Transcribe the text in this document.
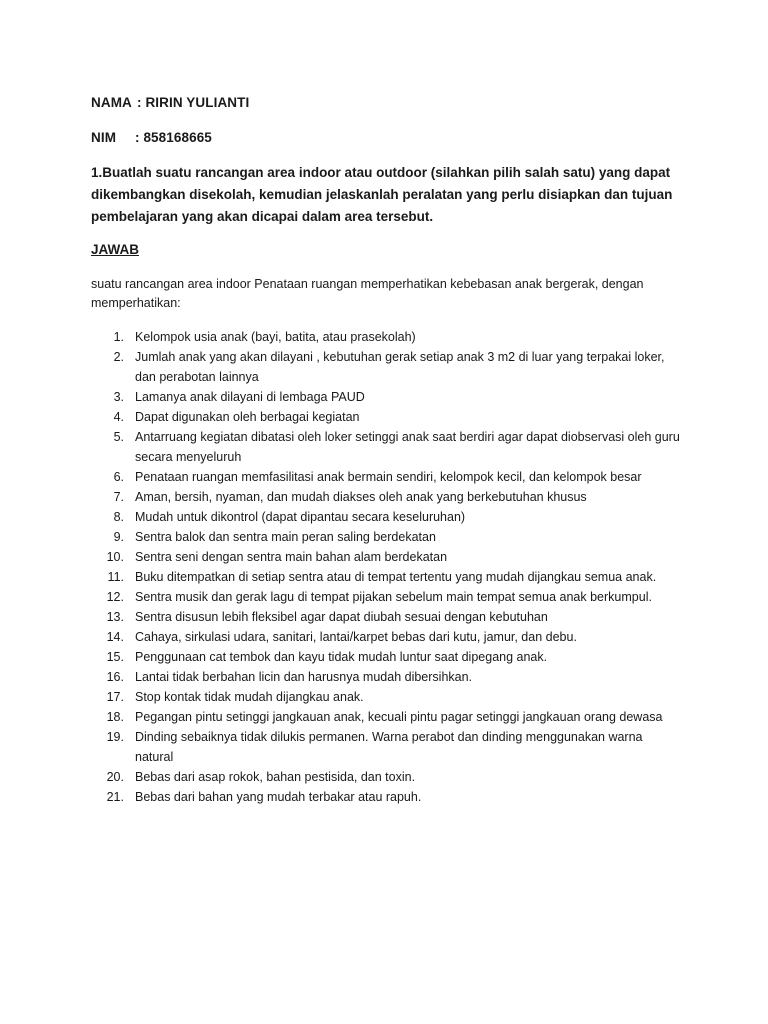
NAMA : RIRIN YULIANTI
NIM : 858168665
1.Buatlah suatu rancangan area indoor atau outdoor (silahkan pilih salah satu) yang dapat dikembangkan disekolah, kemudian jelaskanlah peralatan yang perlu disiapkan dan tujuan pembelajaran yang akan dicapai dalam area tersebut.
JAWAB
suatu rancangan area indoor Penataan ruangan memperhatikan kebebasan anak bergerak, dengan memperhatikan:
1. Kelompok usia anak (bayi, batita, atau prasekolah)
2. Jumlah anak yang akan dilayani , kebutuhan gerak setiap anak 3 m2 di luar yang terpakai loker, dan perabotan lainnya
3. Lamanya anak dilayani di lembaga PAUD
4. Dapat digunakan oleh berbagai kegiatan
5. Antarruang kegiatan dibatasi oleh loker setinggi anak saat berdiri agar dapat diobservasi oleh guru secara menyeluruh
6. Penataan ruangan memfasilitasi anak bermain sendiri, kelompok kecil, dan kelompok besar
7. Aman, bersih, nyaman, dan mudah diakses oleh anak yang berkebutuhan khusus
8. Mudah untuk dikontrol (dapat dipantau secara keseluruhan)
9. Sentra balok dan sentra main peran saling berdekatan
10. Sentra seni dengan sentra main bahan alam berdekatan
11. Buku ditempatkan di setiap sentra atau di tempat tertentu yang mudah dijangkau semua anak.
12. Sentra musik dan gerak lagu di tempat pijakan sebelum main tempat semua anak berkumpul.
13. Sentra disusun lebih fleksibel agar dapat diubah sesuai dengan kebutuhan
14. Cahaya, sirkulasi udara, sanitari, lantai/karpet bebas dari kutu, jamur, dan debu.
15. Penggunaan cat tembok dan kayu tidak mudah luntur saat dipegang anak.
16. Lantai tidak berbahan licin dan harusnya mudah dibersihkan.
17. Stop kontak tidak mudah dijangkau anak.
18. Pegangan pintu setinggi jangkauan anak, kecuali pintu pagar setinggi jangkauan orang dewasa
19. Dinding sebaiknya tidak dilukis permanen. Warna perabot dan dinding menggunakan warna natural
20. Bebas dari asap rokok, bahan pestisida, dan toxin.
21. Bebas dari bahan yang mudah terbakar atau rapuh.
